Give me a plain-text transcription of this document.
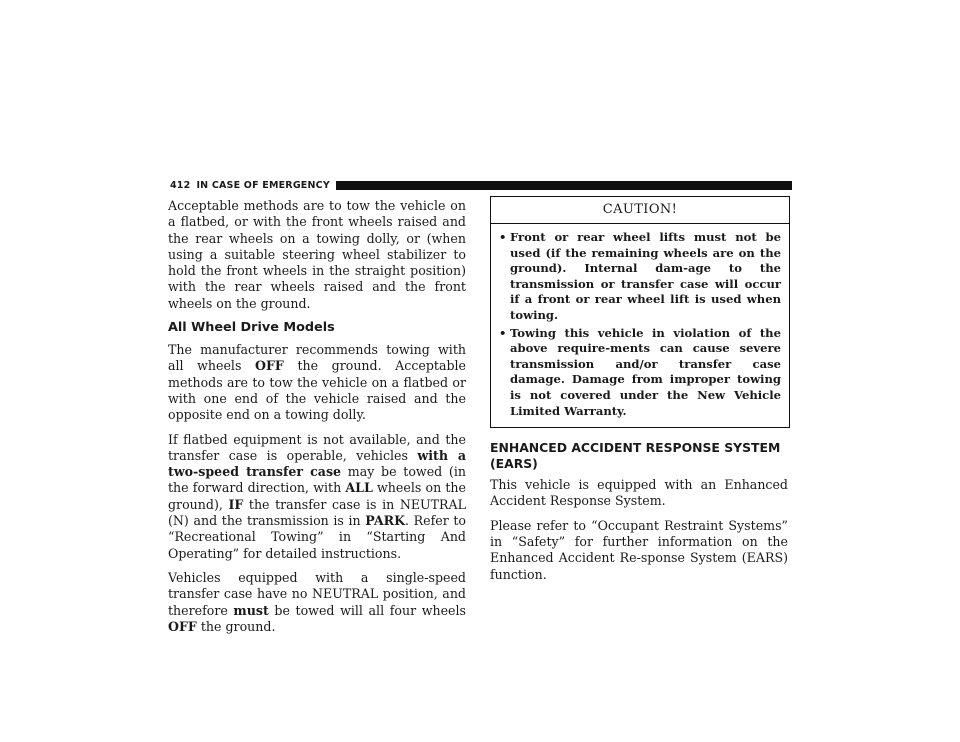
412 IN CASE OF EMERGENCY

Acceptable methods are to tow the vehicle on a flatbed, or with the front wheels raised and the rear wheels on a towing dolly, or (when using a suitable steering wheel stabilizer to hold the front wheels in the straight position) with the rear wheels raised and the front wheels on the ground.

All Wheel Drive Models

The manufacturer recommends towing with all wheels OFF the ground. Acceptable methods are to tow the vehicle on a flatbed or with one end of the vehicle raised and the opposite end on a towing dolly.

If flatbed equipment is not available, and the transfer case is operable, vehicles with a two-speed transfer case may be towed (in the forward direction, with ALL wheels on the ground), IF the transfer case is in NEUTRAL (N) and the transmission is in PARK. Refer to “Recreational Towing” in “Starting And Operating” for detailed instructions.

Vehicles equipped with a single-speed transfer case have no NEUTRAL position, and therefore must be towed will all four wheels OFF the ground.

CAUTION!
• Front or rear wheel lifts must not be used (if the remaining wheels are on the ground). Internal dam-age to the transmission or transfer case will occur if a front or rear wheel lift is used when towing.
• Towing this vehicle in violation of the above require-ments can cause severe transmission and/or transfer case damage. Damage from improper towing is not covered under the New Vehicle Limited Warranty.
ENHANCED ACCIDENT RESPONSE SYSTEM (EARS)

This vehicle is equipped with an Enhanced Accident Response System.

Please refer to “Occupant Restraint Systems” in “Safety” for further information on the Enhanced Accident Re-sponse System (EARS) function.
